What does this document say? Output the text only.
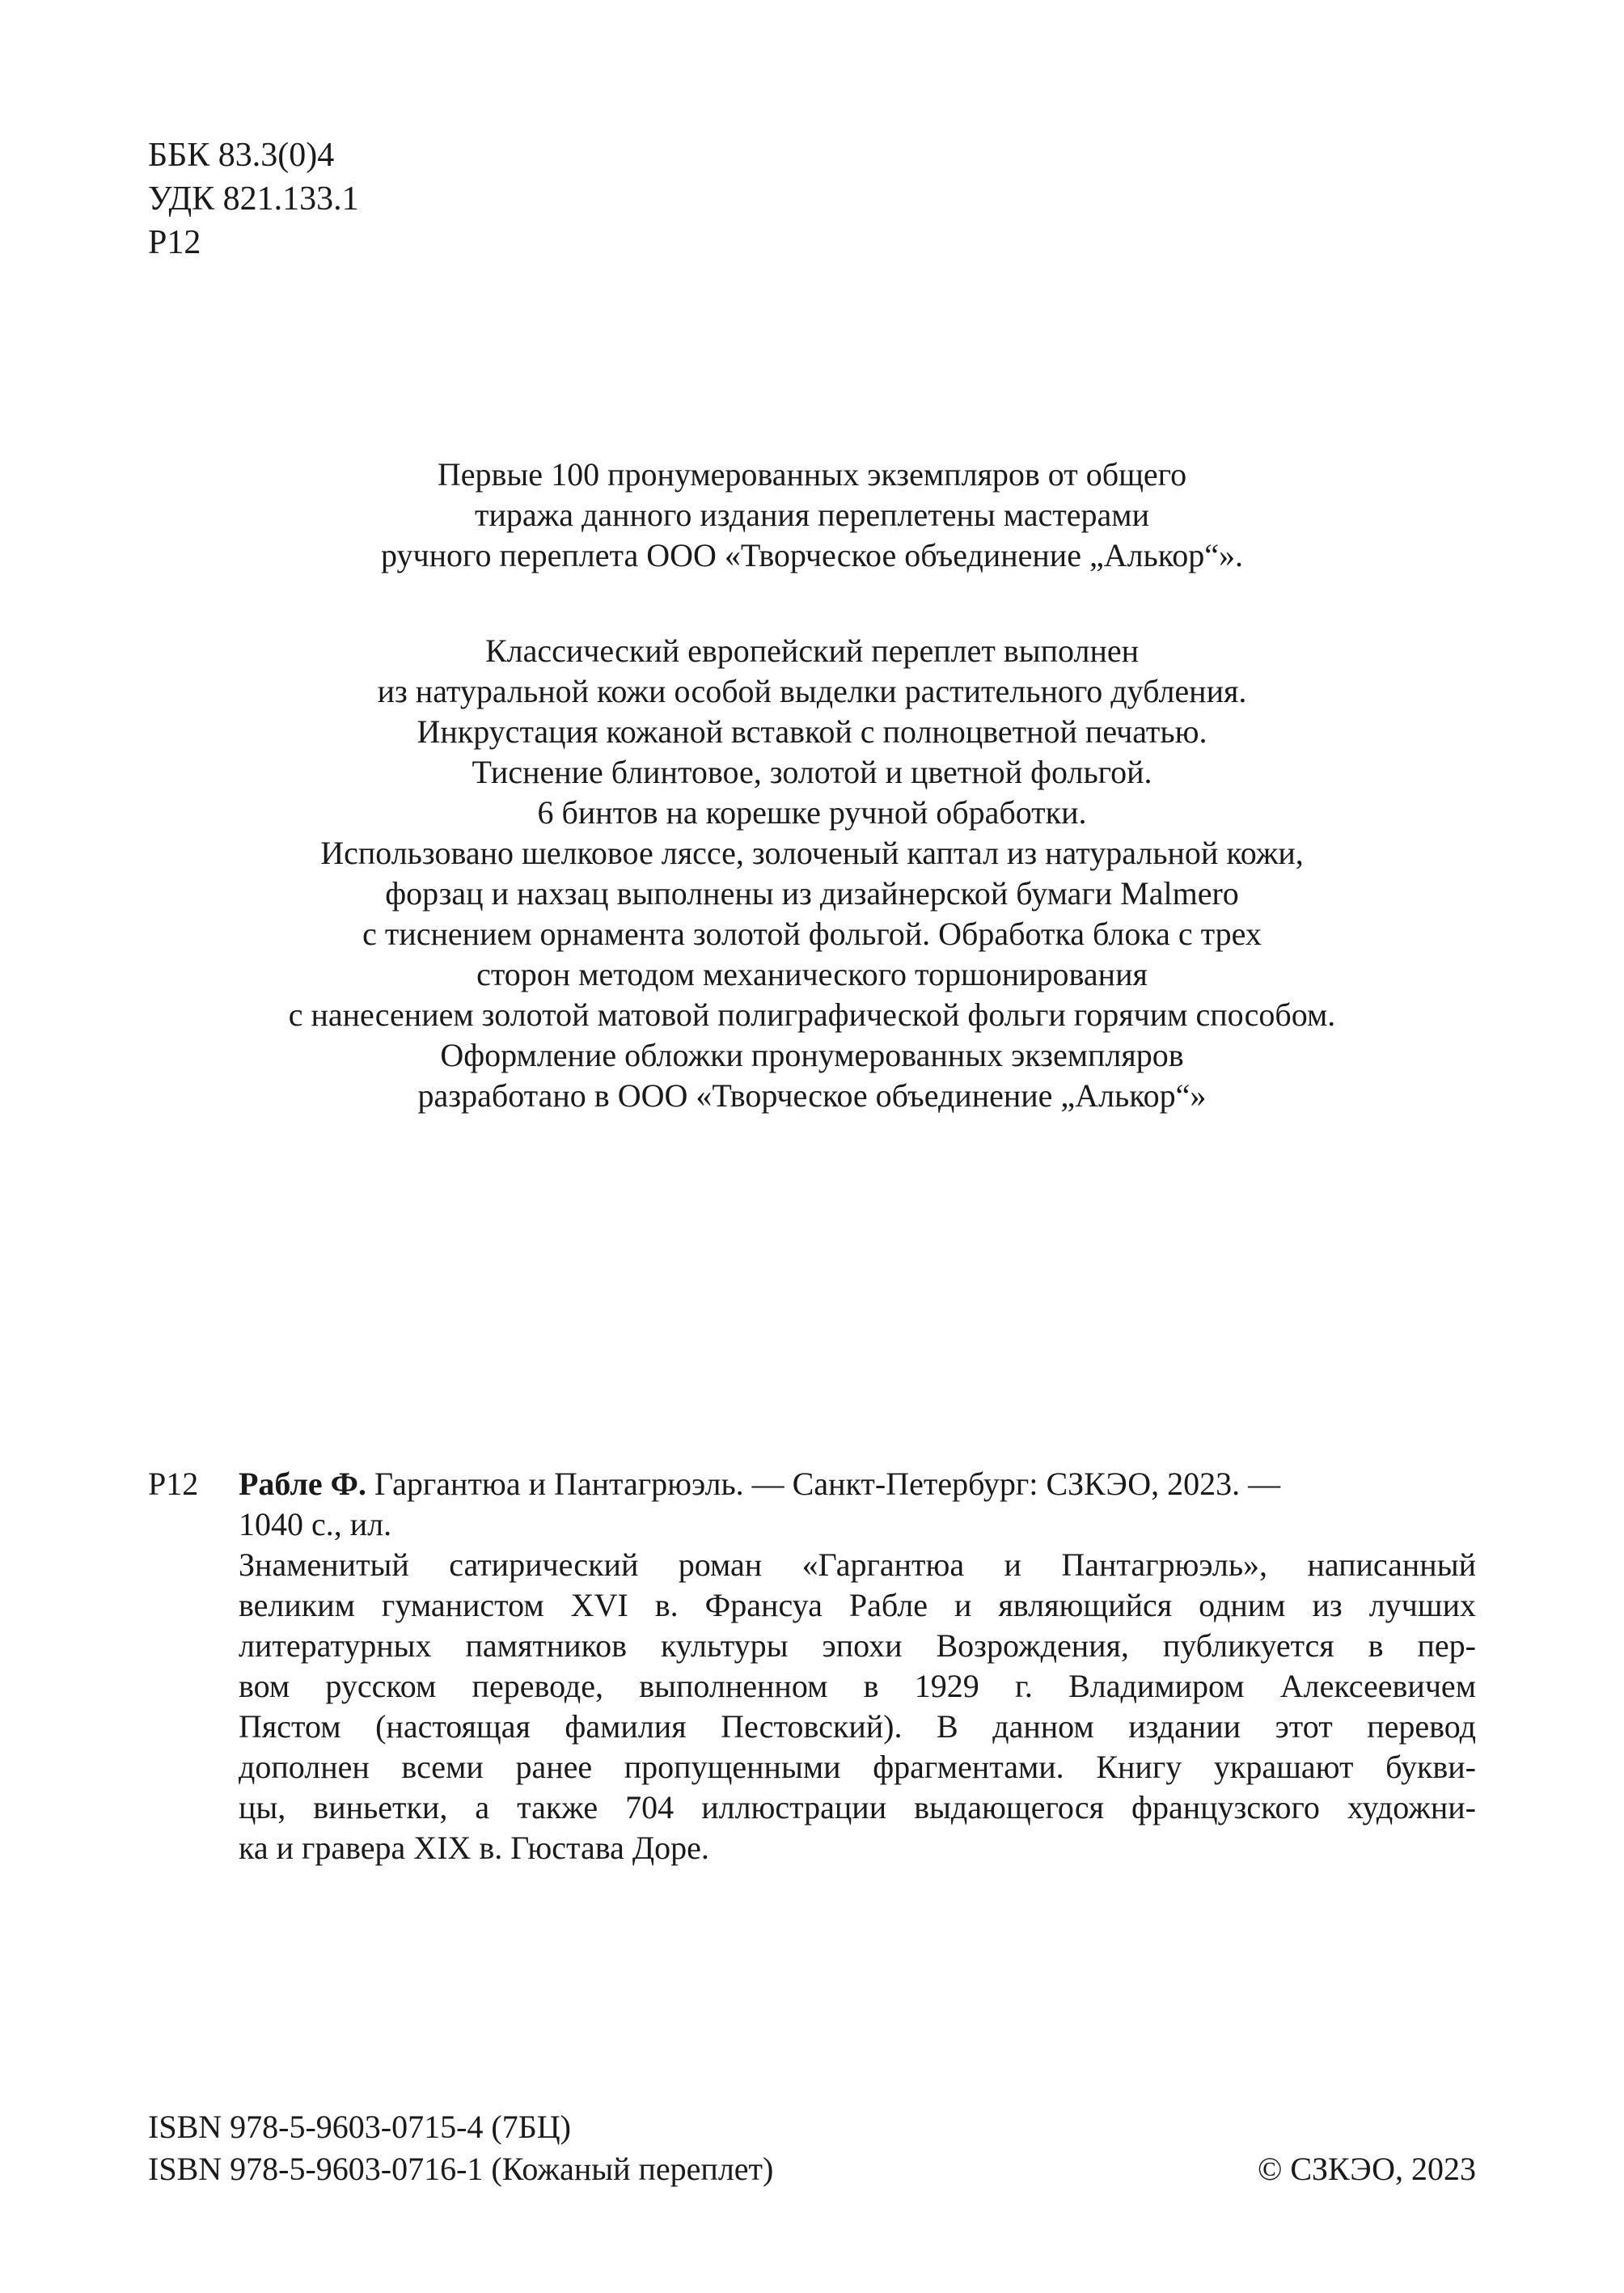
ББК 83.3(0)4
УДК 821.133.1
Р12
Первые 100 пронумерованных экземпляров от общего
тиража данного издания переплетены мастерами
ручного переплета ООО «Творческое объединение „Алькор“».
Классический европейский переплет выполнен
из натуральной кожи особой выделки растительного дубления.
Инкрустация кожаной вставкой с полноцветной печатью.
Тиснение блинтовое, золотой и цветной фольгой.
6 бинтов на корешке ручной обработки.
Использовано шелковое ляссе, золоченый каптал из натуральной кожи,
форзац и нахзац выполнены из дизайнерской бумаги Malmero
с тиснением орнамента золотой фольгой. Обработка блока с трех
сторон методом механического торшонирования
с нанесением золотой матовой полиграфической фольги горячим способом.
Оформление обложки пронумерованных экземпляров
разработано в ООО «Творческое объединение „Алькор“»
Р12 Рабле Ф. Гаргантюа и Пантагрюэль. — Санкт-Петербург: СЗКЭО, 2023. —
1040 с., ил.
Знаменитый сатирический роман «Гаргантюа и Пантагрюэль», написанный
великим гуманистом XVI в. Франсуа Рабле и являющийся одним из лучших
литературных памятников культуры эпохи Возрождения, публикуется в пер-
вом русском переводе, выполненном в 1929 г. Владимиром Алексеевичем
Пястом (настоящая фамилия Пестовский). В данном издании этот перевод
дополнен всеми ранее пропущенными фрагментами. Книгу украшают букви-
цы, виньетки, а также 704 иллюстрации выдающегося французского художни-
ка и гравера XIX в. Гюстава Доре.
ISBN 978-5-9603-0715-4 (7БЦ)
ISBN 978-5-9603-0716-1 (Кожаный переплет)	© СЗКЭО, 2023
